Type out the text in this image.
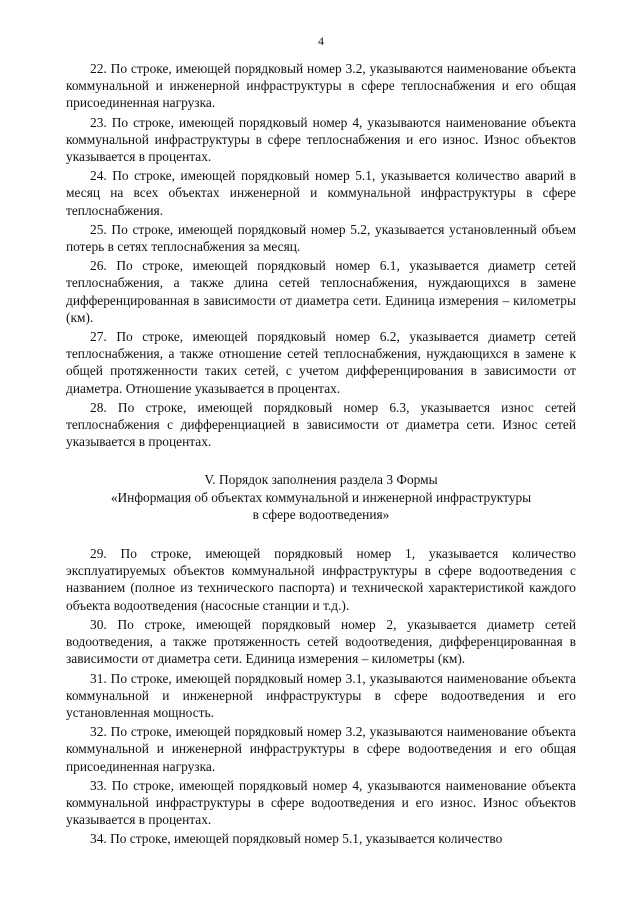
4

22. По строке, имеющей порядковый номер 3.2, указываются наименование объекта коммунальной и инженерной инфраструктуры в сфере теплоснабжения и его общая присоединенная нагрузка.

23. По строке, имеющей порядковый номер 4, указываются наименование объекта коммунальной инфраструктуры в сфере теплоснабжения и его износ. Износ объектов указывается в процентах.

24. По строке, имеющей порядковый номер 5.1, указывается количество аварий в месяц на всех объектах инженерной и коммунальной инфраструктуры в сфере теплоснабжения.

25. По строке, имеющей порядковый номер 5.2, указывается установленный объем потерь в сетях теплоснабжения за месяц.

26. По строке, имеющей порядковый номер 6.1, указывается диаметр сетей теплоснабжения, а также длина сетей теплоснабжения, нуждающихся в замене дифференцированная в зависимости от диаметра сети. Единица измерения – километры (км).

27. По строке, имеющей порядковый номер 6.2, указывается диаметр сетей теплоснабжения, а также отношение сетей теплоснабжения, нуждающихся в замене к общей протяженности таких сетей, с учетом дифференцирования в зависимости от диаметра. Отношение указывается в процентах.

28. По строке, имеющей порядковый номер 6.3, указывается износ сетей теплоснабжения с дифференциацией в зависимости от диаметра сети. Износ сетей указывается в процентах.

V. Порядок заполнения раздела 3 Формы
«Информация об объектах коммунальной и инженерной инфраструктуры
в сфере водоотведения»

29. По строке, имеющей порядковый номер 1, указывается количество эксплуатируемых объектов коммунальной инфраструктуры в сфере водоотведения с названием (полное из технического паспорта) и технической характеристикой каждого объекта водоотведения (насосные станции и т.д.).

30. По строке, имеющей порядковый номер 2, указывается диаметр сетей водоотведения, а также протяженность сетей водоотведения, дифференцированная в зависимости от диаметра сети. Единица измерения – километры (км).

31. По строке, имеющей порядковый номер 3.1, указываются наименование объекта коммунальной и инженерной инфраструктуры в сфере водоотведения и его установленная мощность.

32. По строке, имеющей порядковый номер 3.2, указываются наименование объекта коммунальной и инженерной инфраструктуры в сфере водоотведения и его общая присоединенная нагрузка.

33. По строке, имеющей порядковый номер 4, указываются наименование объекта коммунальной инфраструктуры в сфере водоотведения и его износ. Износ объектов указывается в процентах.

34. По строке, имеющей порядковый номер 5.1, указывается количество
